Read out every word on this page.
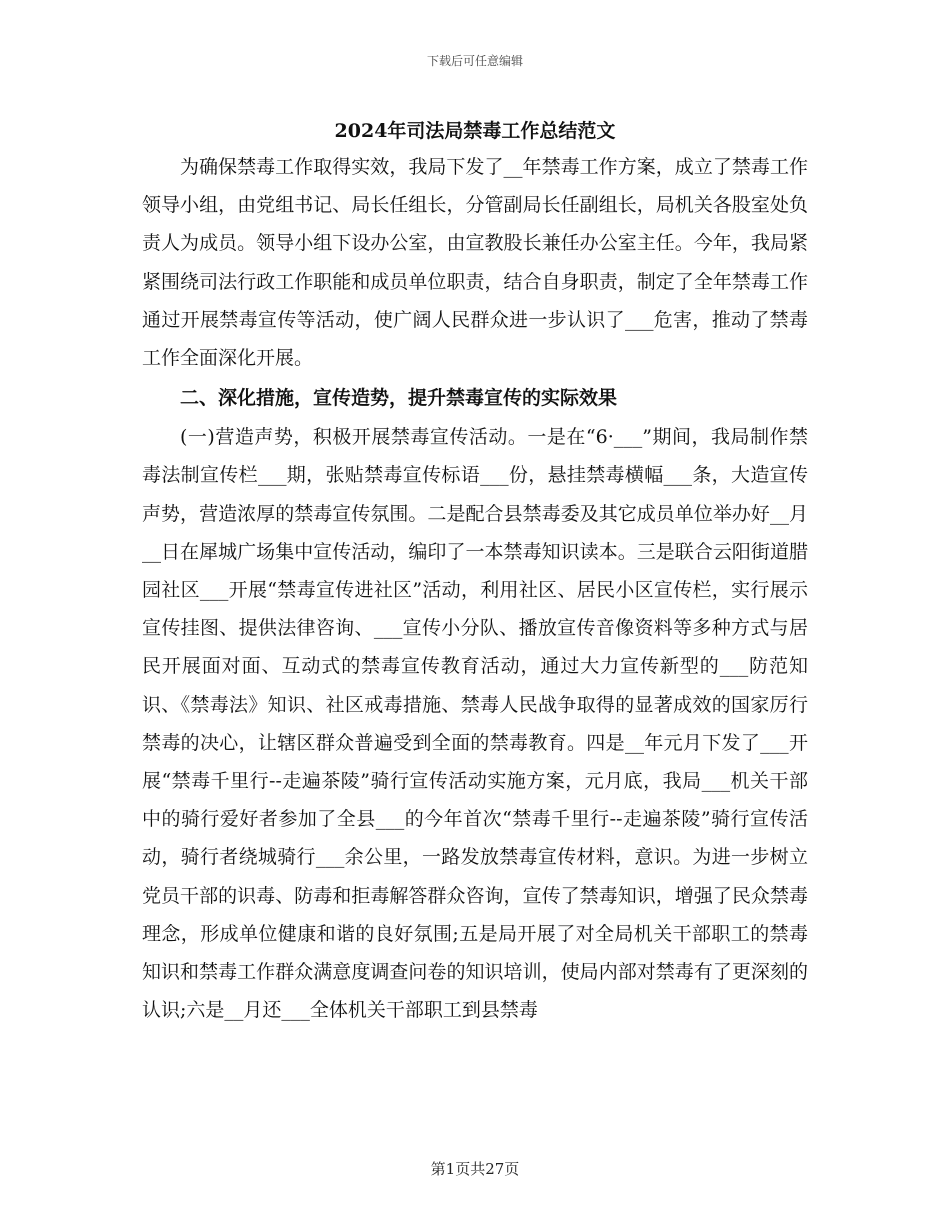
下载后可任意编辑
2024年司法局禁毒工作总结范文

为确保禁毒工作取得实效，我局下发了__年禁毒工作方案，成立了禁毒工作领导小组，由党组书记、局长任组长，分管副局长任副组长，局机关各股室处负责人为成员。领导小组下设办公室，由宣教股长兼任办公室主任。今年，我局紧紧围绕司法行政工作职能和成员单位职责，结合自身职责，制定了全年禁毒工作通过开展禁毒宣传等活动，使广阔人民群众进一步认识了___危害，推动了禁毒工作全面深化开展。

二、深化措施，宣传造势，提升禁毒宣传的实际效果

(一)营造声势，积极开展禁毒宣传活动。一是在“6·___”期间，我局制作禁毒法制宣传栏___期，张贴禁毒宣传标语___份，悬挂禁毒横幅___条，大造宣传声势，营造浓厚的禁毒宣传氛围。二是配合县禁毒委及其它成员单位举办好__月__日在犀城广场集中宣传活动，编印了一本禁毒知识读本。三是联合云阳街道腊园社区___开展“禁毒宣传进社区”活动，利用社区、居民小区宣传栏，实行展示宣传挂图、提供法律咨询、___宣传小分队、播放宣传音像资料等多种方式与居民开展面对面、互动式的禁毒宣传教育活动，通过大力宣传新型的___防范知识、《禁毒法》知识、社区戒毒措施、禁毒人民战争取得的显著成效的国家厉行禁毒的决心，让辖区群众普遍受到全面的禁毒教育。四是__年元月下发了___开展“禁毒千里行--走遍茶陵”骑行宣传活动实施方案，元月底，我局___机关干部中的骑行爱好者参加了全县___的今年首次“禁毒千里行--走遍茶陵”骑行宣传活动，骑行者绕城骑行___余公里，一路发放禁毒宣传材料，意识。为进一步树立党员干部的识毒、防毒和拒毒解答群众咨询，宣传了禁毒知识，增强了民众禁毒理念，形成单位健康和谐的良好氛围;五是局开展了对全局机关干部职工的禁毒知识和禁毒工作群众满意度调查问卷的知识培训，使局内部对禁毒有了更深刻的认识;六是__月还___全体机关干部职工到县禁毒

第1页共27页
